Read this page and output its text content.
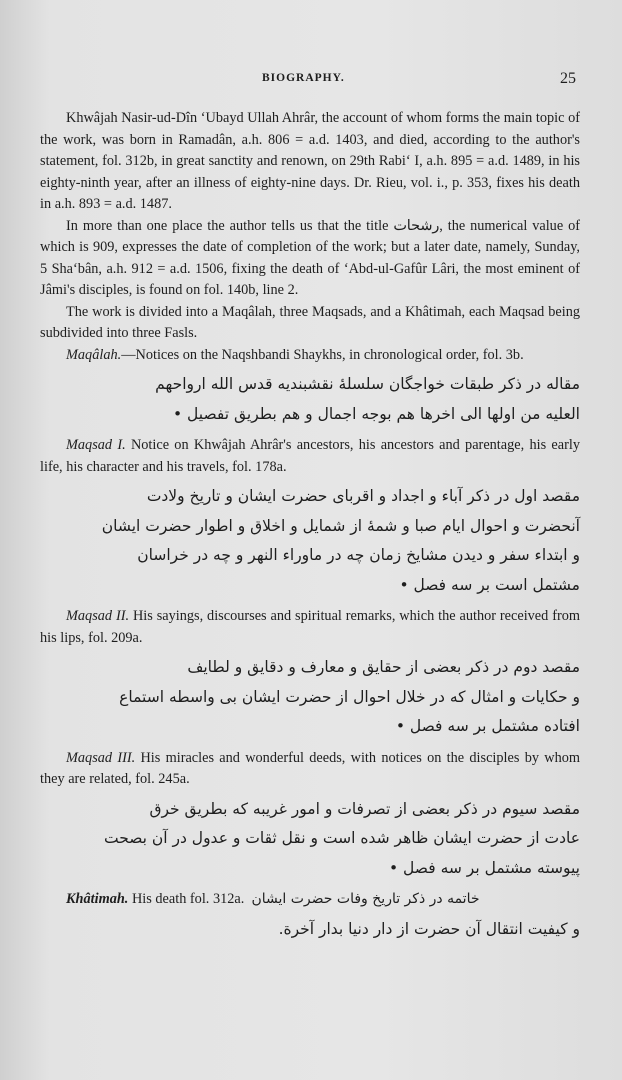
BIOGRAPHY.	25

Khwâjah Nasir-ud-Dîn ‘Ubayd Ullah Ahrâr, the account of whom forms the main topic of the work, was born in Ramadân, a.h. 806 = a.d. 1403, and died, according to the author's statement, fol. 312b, in great sanctity and renown, on 29th Rabi‘ I, a.h. 895 = a.d. 1489, in his eighty-ninth year, after an illness of eighty-nine days. Dr. Rieu, vol. i., p. 353, fixes his death in a.h. 893 = a.d. 1487.

In more than one place the author tells us that the title رشحات, the numerical value of which is 909, expresses the date of completion of the work; but a later date, namely, Sunday, 5 Sha‘bân, a.h. 912 = a.d. 1506, fixing the death of ‘Abd-ul-Gafûr Lâri, the most eminent of Jâmi's disciples, is found on fol. 140b, line 2.

The work is divided into a Maqâlah, three Maqsads, and a Khâtimah, each Maqsad being subdivided into three Fasls.

Maqâlah.—Notices on the Naqshbandi Shaykhs, in chronological order, fol. 3b.

مقاله در ذکر طبقات خواجگان سلسلهٔ نقشبندیه قدس الله ارواحهم
العلیه من اولها الی اخرها هم بوجه اجمال و هم بطریق تفصیل •

Maqsad I. Notice on Khwâjah Ahrâr's ancestors, his ancestors and parentage, his early life, his character and his travels, fol. 178a.

مقصد اول در ذکر آباء و اجداد و اقربای حضرت ایشان و تاریخ ولادت
آنحضرت و احوال ایام صبا و شمهٔ از شمایل و اخلاق و اطوار حضرت ایشان
و ابتداء سفر و دیدن مشایخ زمان چه در ماوراء النهر و چه در خراسان
مشتمل است بر سه فصل •

Maqsad II. His sayings, discourses and spiritual remarks, which the author received from his lips, fol. 209a.

مقصد دوم در ذکر بعضی از حقایق و معارف و دقایق و لطایف
و حکایات و امثال که در خلال احوال از حضرت ایشان بی واسطه استماع
افتاده مشتمل بر سه فصل •

Maqsad III. His miracles and wonderful deeds, with notices on the disciples by whom they are related, fol. 245a.

مقصد سیوم در ذکر بعضی از تصرفات و امور غریبه که بطریق خرق
عادت از حضرت ایشان ظاهر شده است و نقل ثقات و عدول در آن بصحت
پیوسته مشتمل بر سه فصل •

Khâtimah. His death fol. 312a. خاتمه در ذکر تاریخ وفات حضرت ایشان

و کیفیت انتقال آن حضرت از دار دنیا بدار آخرة.
